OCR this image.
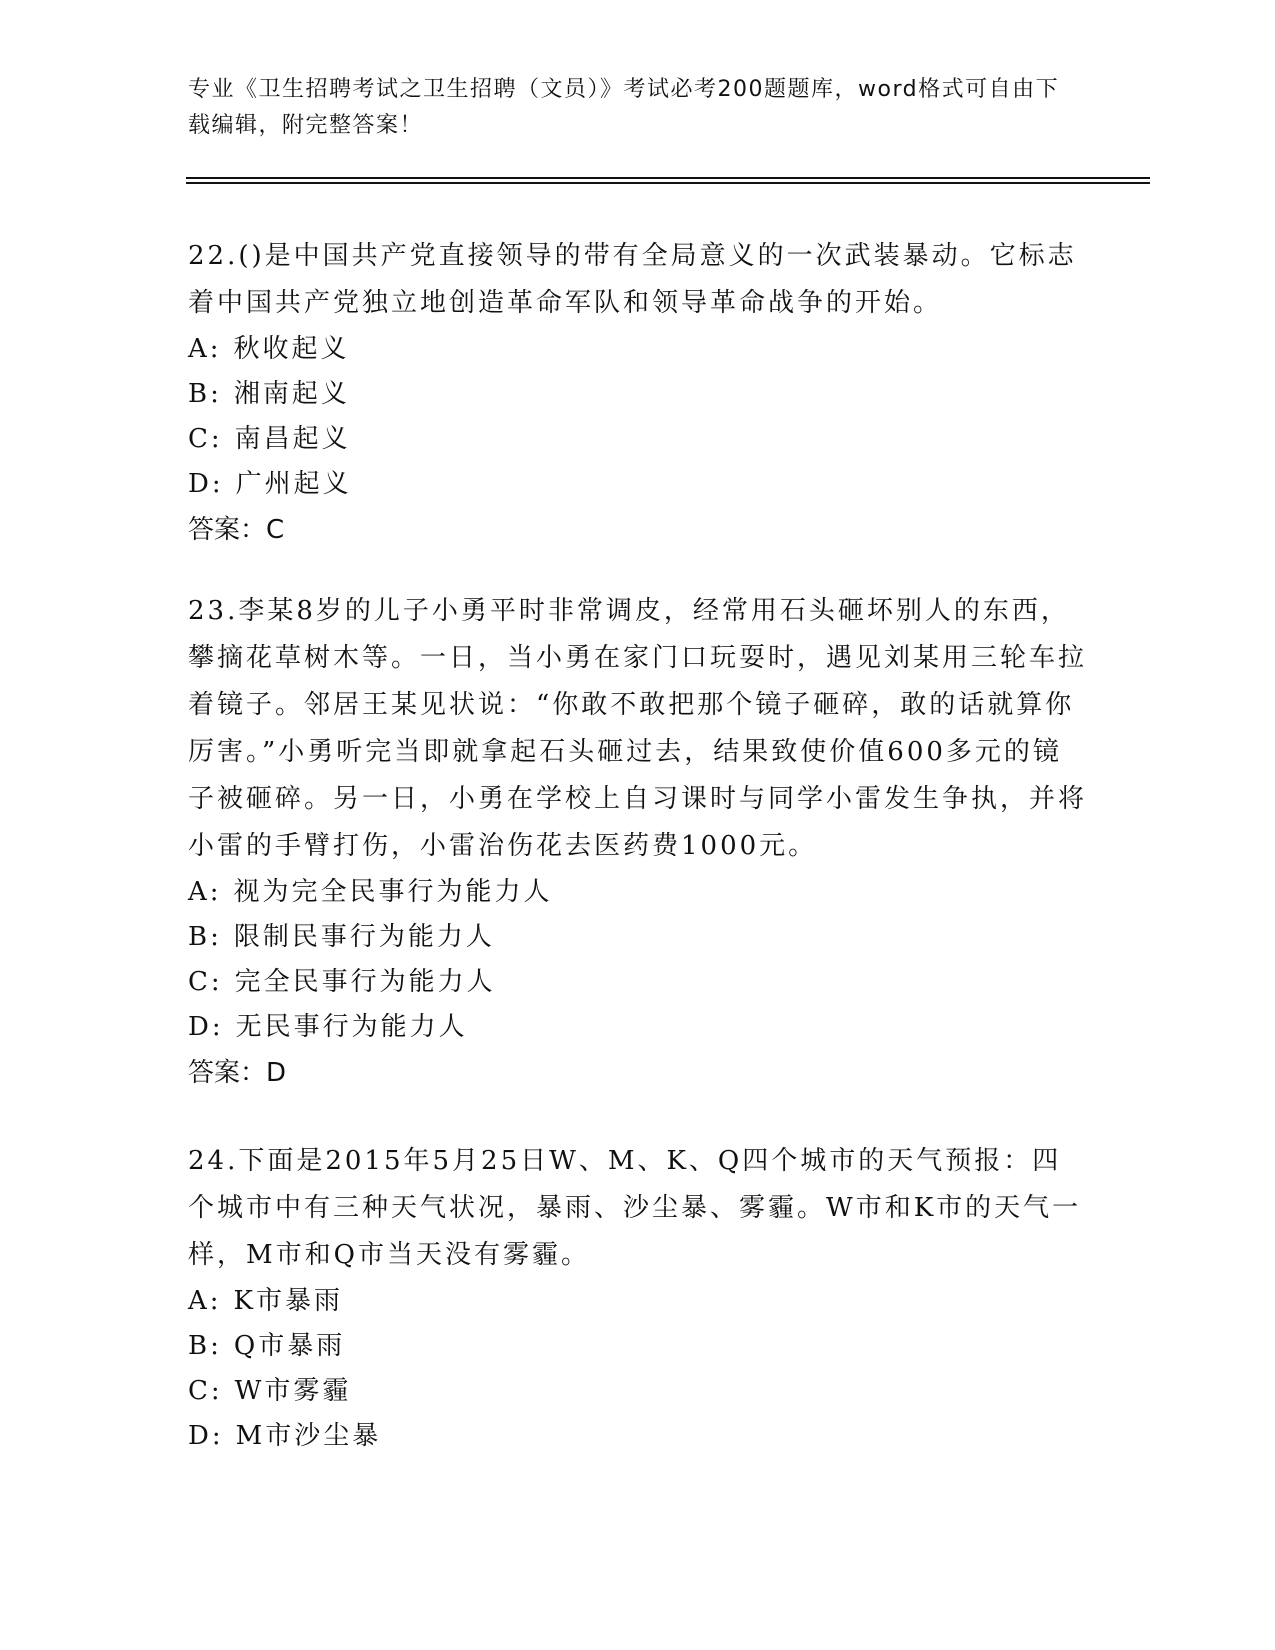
专业《卫生招聘考试之卫生招聘（文员）》考试必考200题题库，word格式可自由下载编辑，附完整答案！

22.()是中国共产党直接领导的带有全局意义的一次武装暴动。它标志着中国共产党独立地创造革命军队和领导革命战争的开始。

A: 秋收起义

B: 湘南起义

C: 南昌起义

D: 广州起义

答案：C

23.李某8岁的儿子小勇平时非常调皮，经常用石头砸坏别人的东西，攀摘花草树木等。一日，当小勇在家门口玩耍时，遇见刘某用三轮车拉着镜子。邻居王某见状说：“你敢不敢把那个镜子砸碎，敢的话就算你厉害。”小勇听完当即就拿起石头砸过去，结果致使价值600多元的镜子被砸碎。另一日，小勇在学校上自习课时与同学小雷发生争执，并将小雷的手臂打伤，小雷治伤花去医药费1000元。

A: 视为完全民事行为能力人

B: 限制民事行为能力人

C: 完全民事行为能力人

D: 无民事行为能力人

答案：D

24.下面是2015年5月25日W、M、K、Q四个城市的天气预报：四个城市中有三种天气状况，暴雨、沙尘暴、雾霾。W市和K市的天气一样，M市和Q市当天没有雾霾。

A: K市暴雨

B: Q市暴雨

C: W市雾霾

D: M市沙尘暴
